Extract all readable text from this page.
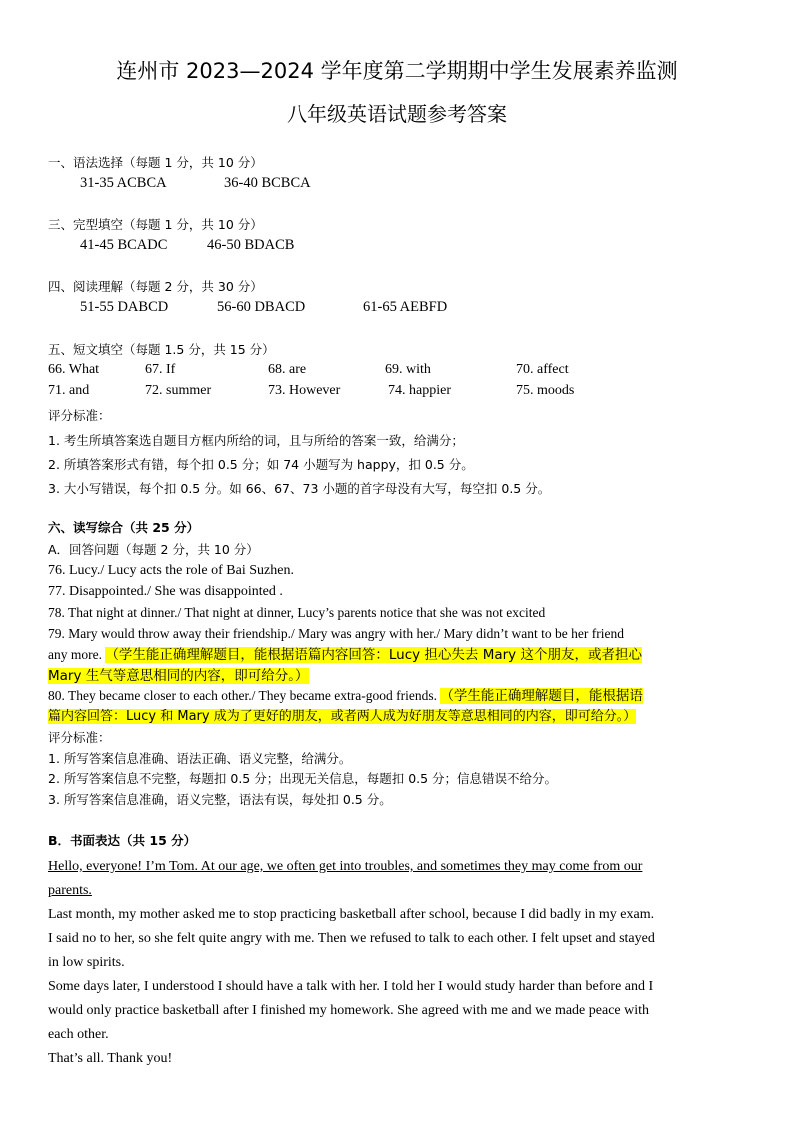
连州市 2023—2024 学年度第二学期期中学生发展素养监测
八年级英语试题参考答案
一、语法选择（每题 1 分，共 10 分）
31-35 ACBCA	36-40 BCBCA
三、完型填空（每题 1 分，共 10 分）
41-45 BCADC	46-50 BDACB
四、阅读理解（每题 2 分，共 30 分）
51-55 DABCD	56-60 DBACD	61-65 AEBFD
五、短文填空（每题 1.5 分，共 15 分）
66. What	67. If	68. are	69. with	70. affect
71. and	72. summer	73. However	74. happier	75. moods
评分标准：
1. 考生所填答案选自题目方框内所给的词，且与所给的答案一致，给满分；
2. 所填答案形式有错，每个扣 0.5 分；如 74 小题写为 happy，扣 0.5 分。
3. 大小写错误，每个扣 0.5 分。如 66、67、73 小题的首字母没有大写，每空扣 0.5 分。
六、读写综合（共 25 分）
A．回答问题（每题 2 分，共 10 分）
76. Lucy./ Lucy acts the role of Bai Suzhen.
77. Disappointed./ She was disappointed .
78. That night at dinner./ That night at dinner, Lucy’s parents notice that she was not excited
79. Mary would throw away their friendship./ Mary was angry with her./ Mary didn’t want to be her friend
any more. （学生能正确理解题目，能根据语篇内容回答：Lucy 担心失去 Mary 这个朋友，或者担心
Mary 生气等意思相同的内容，即可给分。）
80. They became closer to each other./ They became extra-good friends. （学生能正确理解题目，能根据语
篇内容回答：Lucy 和 Mary 成为了更好的朋友，或者两人成为好朋友等意思相同的内容，即可给分。）
评分标准：
1. 所写答案信息准确、语法正确、语义完整，给满分。
2. 所写答案信息不完整，每题扣 0.5 分；出现无关信息，每题扣 0.5 分；信息错误不给分。
3. 所写答案信息准确，语义完整，语法有误，每处扣 0.5 分。
B．书面表达（共 15 分）
Hello, everyone! I’m Tom. At our age, we often get into troubles, and sometimes they may come from our
parents.
Last month, my mother asked me to stop practicing basketball after school, because I did badly in my exam.
I said no to her, so she felt quite angry with me. Then we refused to talk to each other. I felt upset and stayed
in low spirits.
Some days later, I understood I should have a talk with her. I told her I would study harder than before and I
would only practice basketball after I finished my homework. She agreed with me and we made peace with
each other.
That’s all. Thank you!
